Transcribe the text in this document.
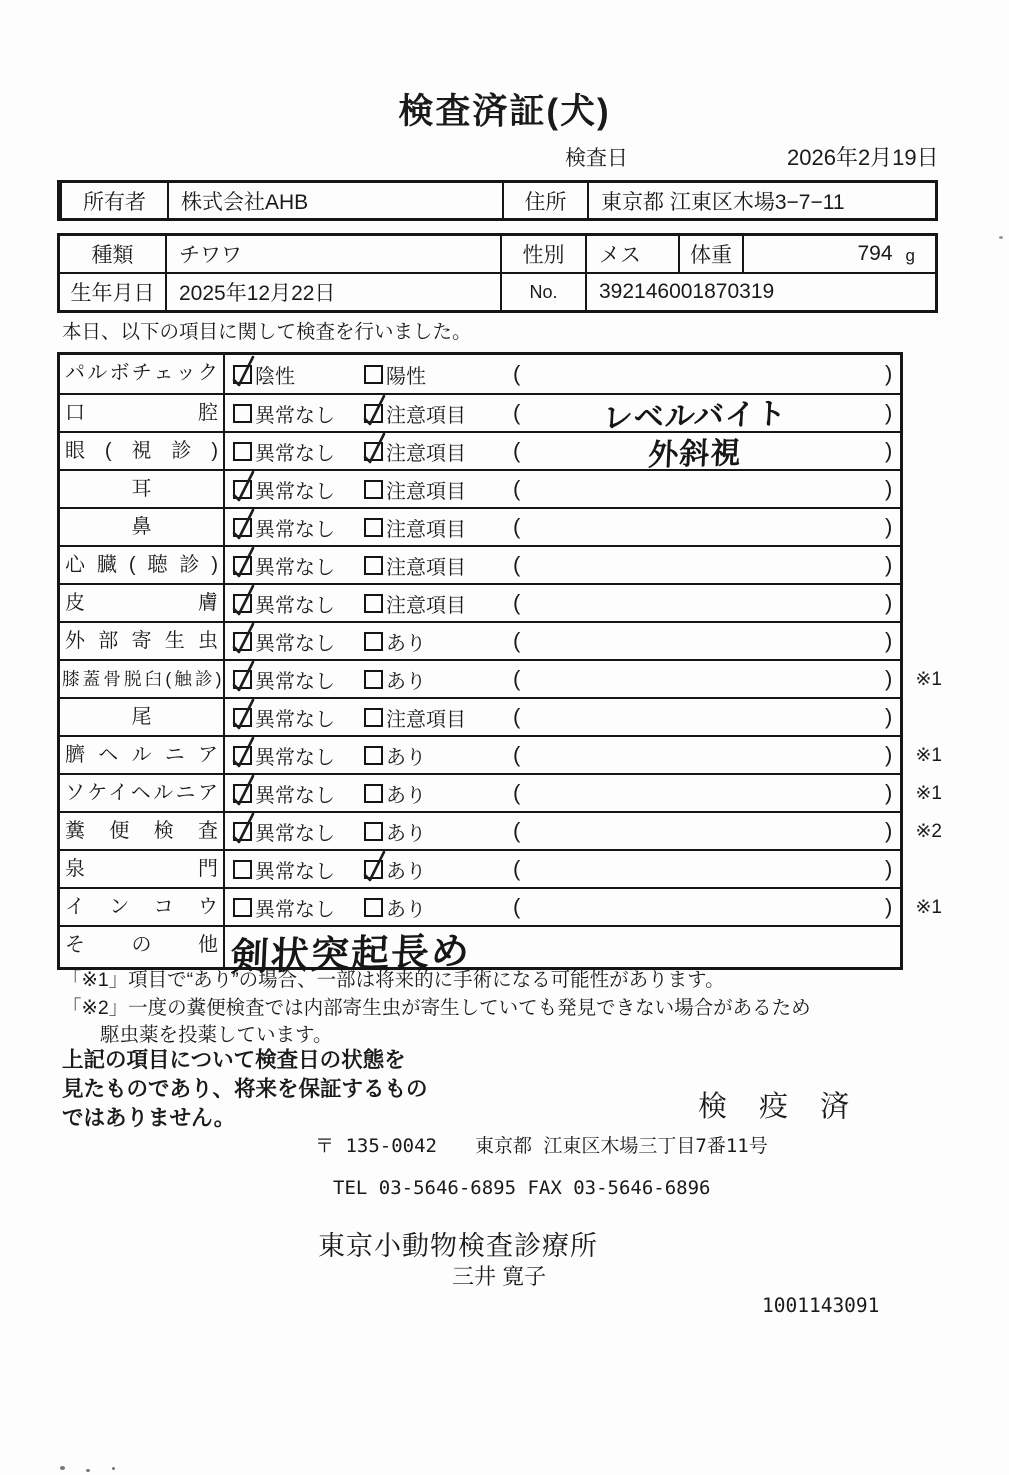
検査済証(犬)
検査日	2026年2月19日
所有者	株式会社AHB	住所	東京都 江東区木場3−7−11
種類	チワワ	性別	メス	体重	794 g
生年月日	2025年12月22日	No.	392146001870319
本日、以下の項目に関して検査を行いました。
パルボチェック	陰性	陽性	(	)
口腔	異常なし	注意項目 (	レベルバイト	)
眼(視診)	異常なし	注意項目 (	外斜視	)
耳	異常なし	注意項目 (	)
鼻	異常なし	注意項目 (	)
心臓(聴診)	異常なし	注意項目 (	)
皮膚	異常なし	注意項目 (	)
外部寄生虫	異常なし	あり	(	)
膝蓋骨脱臼(触診) 異常なし	あり	(	) ※1
尾	異常なし	注意項目 (	)
臍ヘルニア	異常なし	あり	(	) ※1
ソケイヘルニア	異常なし	あり	(	) ※1
糞便検査	異常なし	あり	(	) ※2
泉門	異常なし	あり	(	)
インコウ	異常なし	あり	(	) ※1
その他 剣状突起長め
「※1」項目で“あり”の場合、一部は将来的に手術になる可能性があります。
「※2」一度の糞便検査では内部寄生虫が寄生していても発見できない場合があるため
駆虫薬を投薬しています。
上記の項目について検査日の状態を
見たものであり、将来を保証するもの
ではありません。	検 疫 済
〒 135-0042 東京都 江東区木場三丁目7番11号
TEL 03-5646-6895 FAX 03-5646-6896
東京小動物検査診療所
三井 寛子
1001143091
